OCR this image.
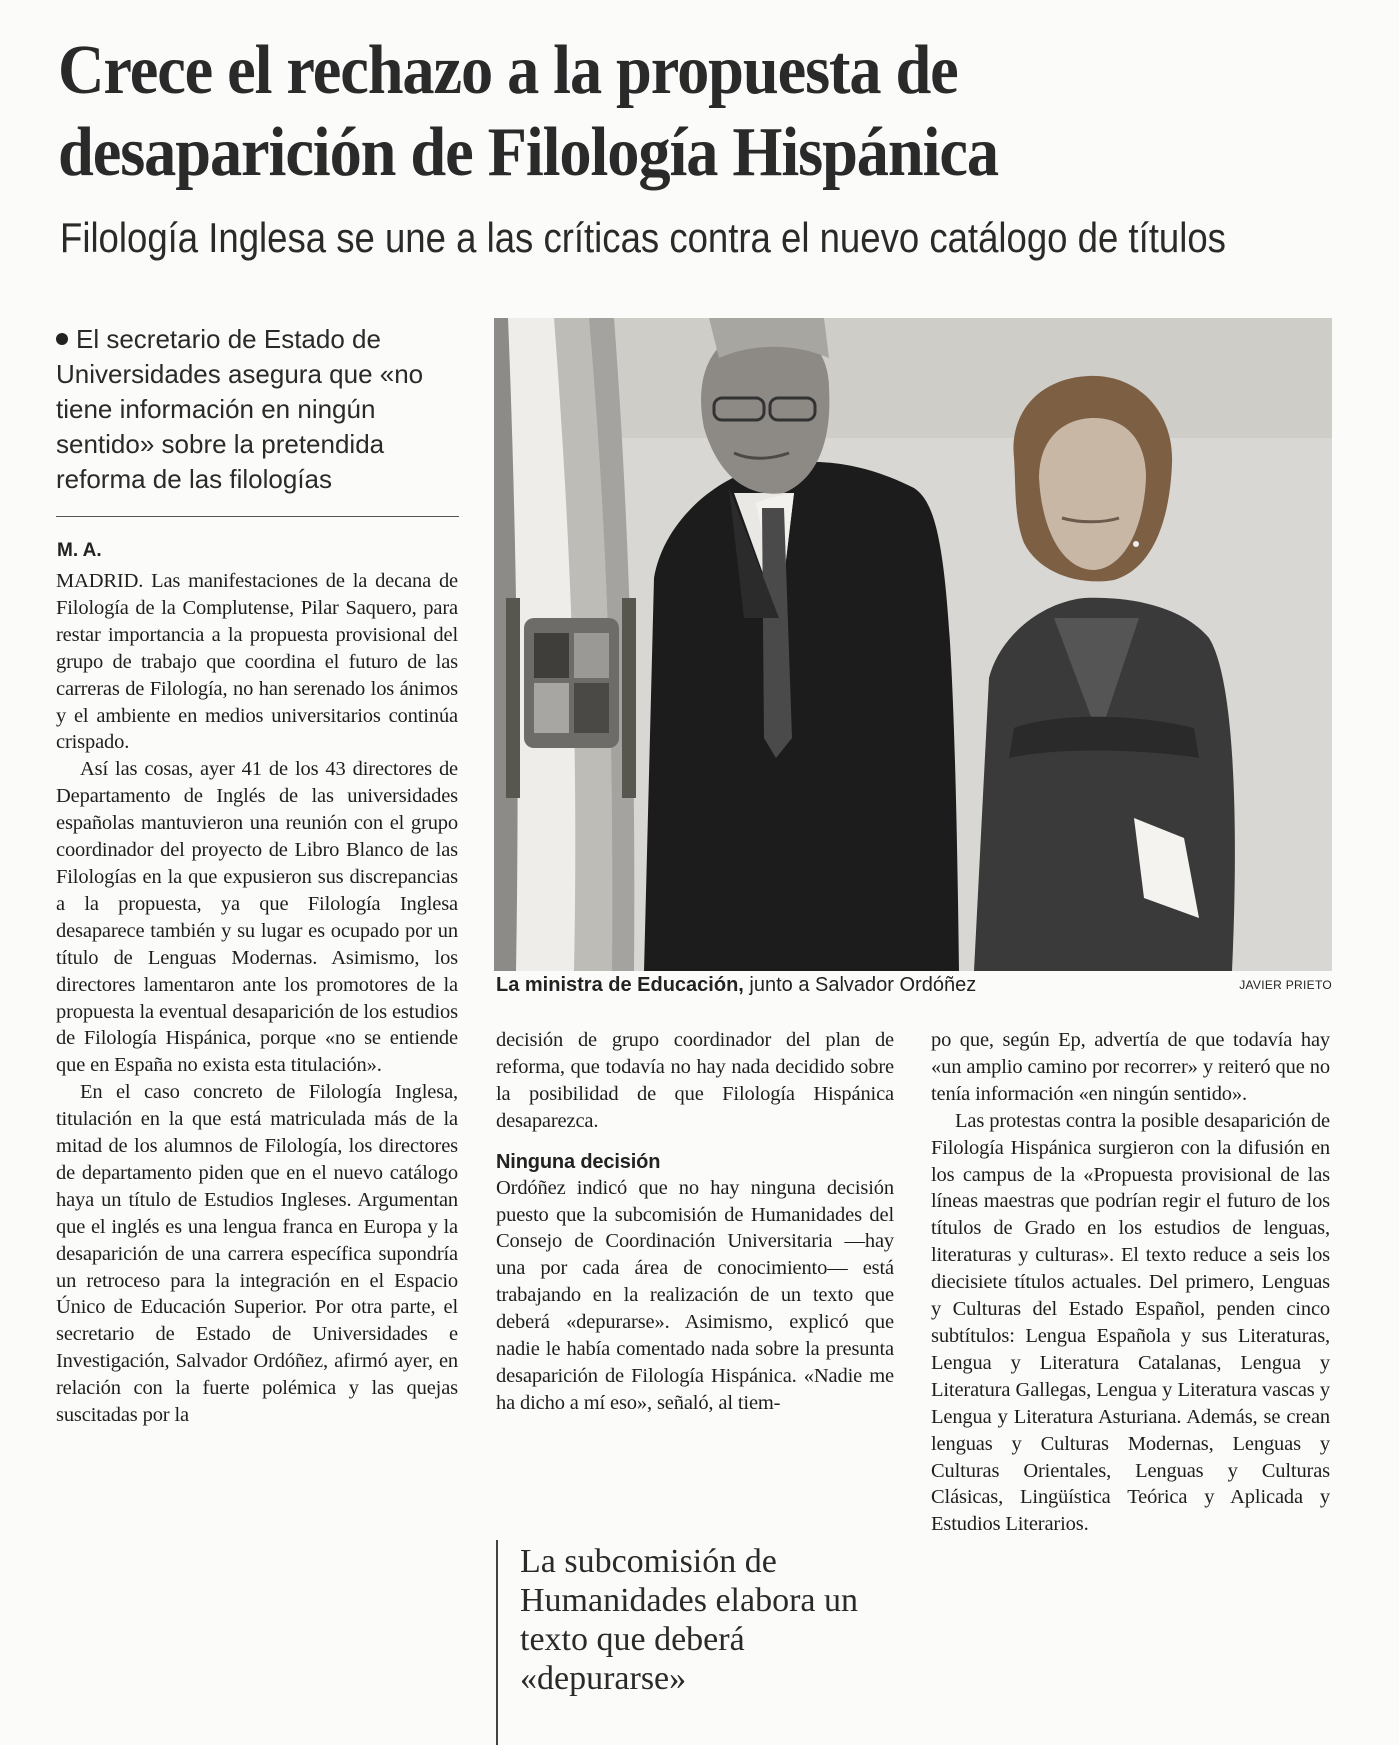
Crece el rechazo a la propuesta de desaparición de Filología Hispánica
Filología Inglesa se une a las críticas contra el nuevo catálogo de títulos
El secretario de Estado de Universidades asegura que «no tiene información en ningún sentido» sobre la pretendida reforma de las filologías
M. A.

MADRID. Las manifestaciones de la decana de Filología de la Complutense, Pilar Saquero, para restar importancia a la propuesta provisional del grupo de trabajo que coordina el futuro de las carreras de Filología, no han serenado los ánimos y el ambiente en medios universitarios continúa crispado.

Así las cosas, ayer 41 de los 43 directores de Departamento de Inglés de las universidades españolas mantuvieron una reunión con el grupo coordinador del proyecto de Libro Blanco de las Filologías en la que expusieron sus discrepancias a la propuesta, ya que Filología Inglesa desaparece también y su lugar es ocupado por un título de Lenguas Modernas. Asimismo, los directores lamentaron ante los promotores de la propuesta la eventual desaparición de los estudios de Filología Hispánica, porque «no se entiende que en España no exista esta titulación».

En el caso concreto de Filología Inglesa, titulación en la que está matriculada más de la mitad de los alumnos de Filología, los directores de departamento piden que en el nuevo catálogo haya un título de Estudios Ingleses. Argumentan que el inglés es una lengua franca en Europa y la desaparición de una carrera específica supondría un retroceso para la integración en el Espacio Único de Educación Superior. Por otra parte, el secretario de Estado de Universidades e Investigación, Salvador Ordóñez, afirmó ayer, en relación con la fuerte polémica y las quejas suscitadas por la

La ministra de Educación, junto a Salvador Ordóñez	JAVIER PRIETO

decisión de grupo coordinador del plan de reforma, que todavía no hay nada decidido sobre la posibilidad de que Filología Hispánica desaparezca.

Ninguna decisión

Ordóñez indicó que no hay ninguna decisión puesto que la subcomisión de Humanidades del Consejo de Coordinación Universitaria —hay una por cada área de conocimiento— está trabajando en la realización de un texto que deberá «depurarse». Asimismo, explicó que nadie le había comentado nada sobre la presunta desaparición de Filología Hispánica. «Nadie me ha dicho a mí eso», señaló, al tiem-

La subcomisión de Humanidades elabora un texto que deberá «depurarse»

po que, según Ep, advertía de que todavía hay «un amplio camino por recorrer» y reiteró que no tenía información «en ningún sentido».

Las protestas contra la posible desaparición de Filología Hispánica surgieron con la difusión en los campus de la «Propuesta provisional de las líneas maestras que podrían regir el futuro de los títulos de Grado en los estudios de lenguas, literaturas y culturas». El texto reduce a seis los diecisiete títulos actuales. Del primero, Lenguas y Culturas del Estado Español, penden cinco subtítulos: Lengua Española y sus Literaturas, Lengua y Literatura Catalanas, Lengua y Literatura Gallegas, Lengua y Literatura vascas y Lengua y Literatura Asturiana. Además, se crean lenguas y Culturas Modernas, Lenguas y Culturas Orientales, Lenguas y Culturas Clásicas, Lingüística Teórica y Aplicada y Estudios Literarios.
